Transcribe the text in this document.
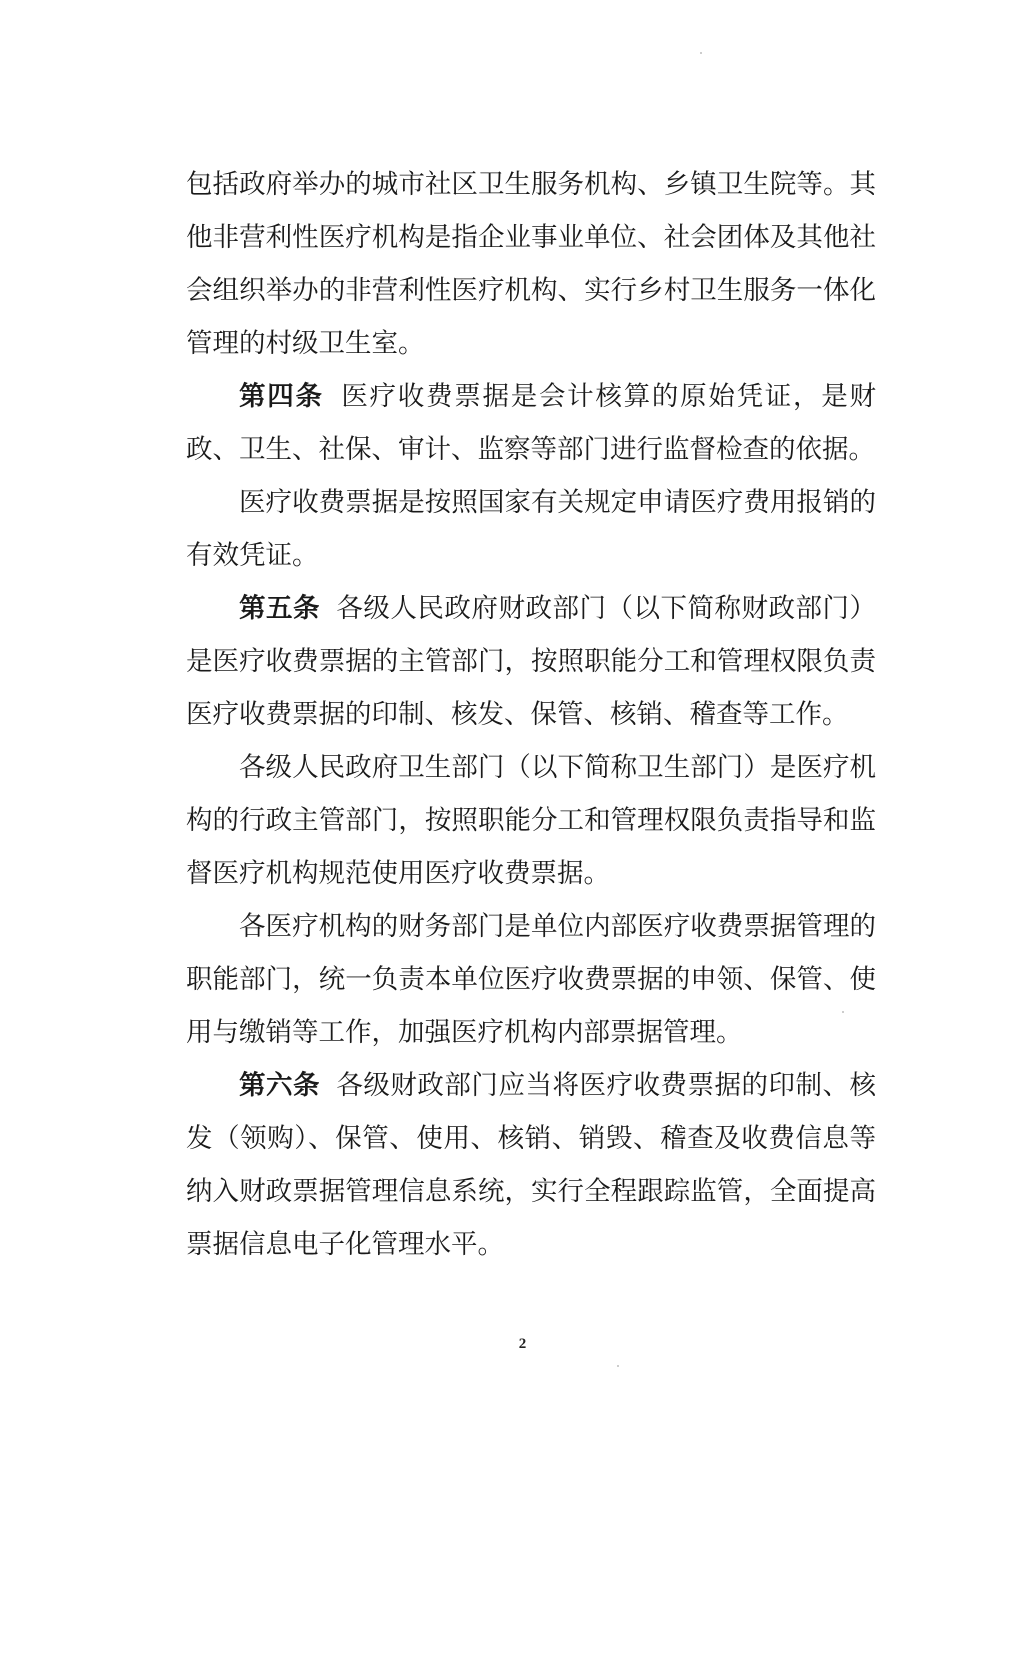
包括政府举办的城市社区卫生服务机构、乡镇卫生院等。其他非营利性医疗机构是指企业事业单位、社会团体及其他社会组织举办的非营利性医疗机构、实行乡村卫生服务一体化管理的村级卫生室。

第四条 医疗收费票据是会计核算的原始凭证，是财政、卫生、社保、审计、监察等部门进行监督检查的依据。

医疗收费票据是按照国家有关规定申请医疗费用报销的有效凭证。

第五条 各级人民政府财政部门（以下简称财政部门）是医疗收费票据的主管部门，按照职能分工和管理权限负责医疗收费票据的印制、核发、保管、核销、稽查等工作。

各级人民政府卫生部门（以下简称卫生部门）是医疗机构的行政主管部门，按照职能分工和管理权限负责指导和监督医疗机构规范使用医疗收费票据。

各医疗机构的财务部门是单位内部医疗收费票据管理的职能部门，统一负责本单位医疗收费票据的申领、保管、使用与缴销等工作，加强医疗机构内部票据管理。

第六条 各级财政部门应当将医疗收费票据的印制、核发（领购）、保管、使用、核销、销毁、稽查及收费信息等纳入财政票据管理信息系统，实行全程跟踪监管，全面提高票据信息电子化管理水平。

2
